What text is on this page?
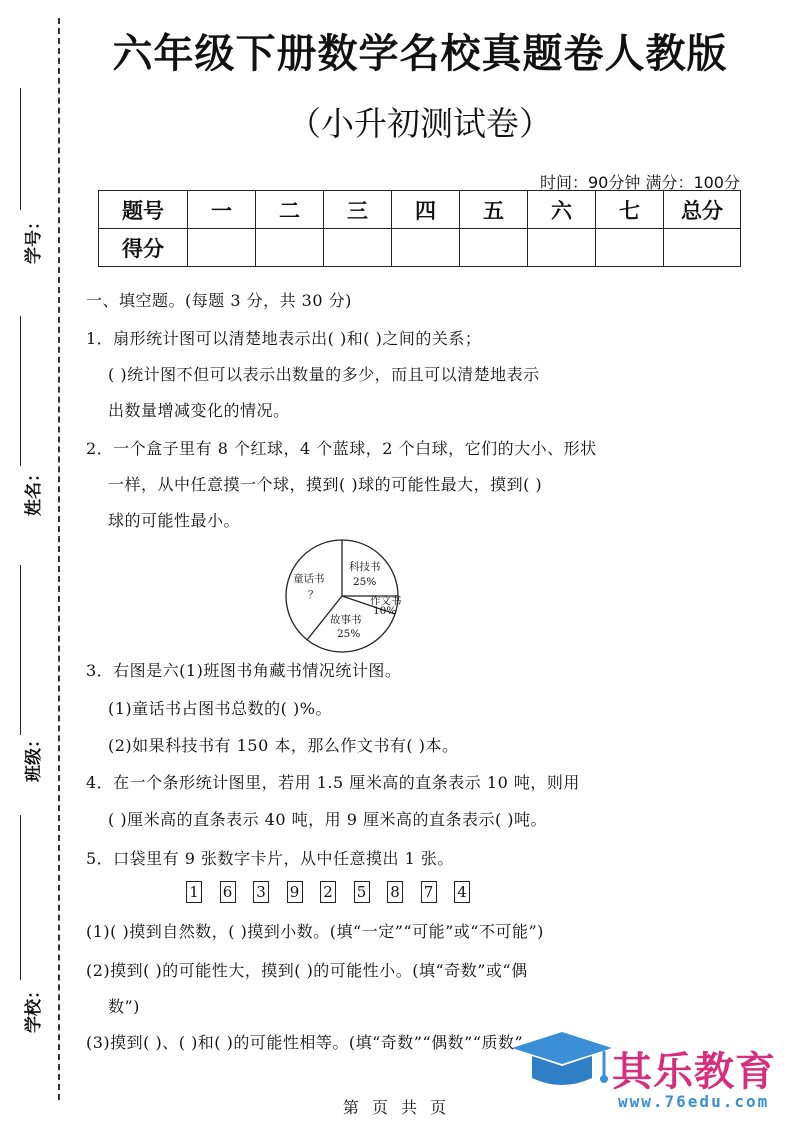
学号：
姓名：
班级：
学校：
六年级下册数学名校真题卷人教版
（小升初测试卷）
时间：90分钟 满分：100分
题号	一	二	三	四	五	六	七	总分
得分								
一、填空题。(每题 3 分，共 30 分)
1．扇形统计图可以清楚地表示出( )和( )之间的关系；
( )统计图不但可以表示出数量的多少，而且可以清楚地表示
出数量增减变化的情况。
2．一个盒子里有 8 个红球，4 个蓝球，2 个白球，它们的大小、形状
一样，从中任意摸一个球，摸到( )球的可能性最大，摸到( )
球的可能性最小。
童话书
？
科技书
25%
作文书
10%
故事书
25%
3．右图是六(1)班图书角藏书情况统计图。
(1)童话书占图书总数的( )%。
(2)如果科技书有 150 本，那么作文书有( )本。
4．在一个条形统计图里，若用 1.5 厘米高的直条表示 10 吨，则用
( )厘米高的直条表示 40 吨，用 9 厘米高的直条表示( )吨。
5．口袋里有 9 张数字卡片，从中任意摸出 1 张。
1 6 3 9 2 5 8 7 4
(1)( )摸到自然数，( )摸到小数。(填“一定”“可能”或“不可能”)
(2)摸到( )的可能性大，摸到( )的可能性小。(填“奇数”或“偶
数”)
(3)摸到( )、( )和( )的可能性相等。(填“奇数”“偶数”“质数”
第 页 共 页
其乐教育
www.76edu.com
